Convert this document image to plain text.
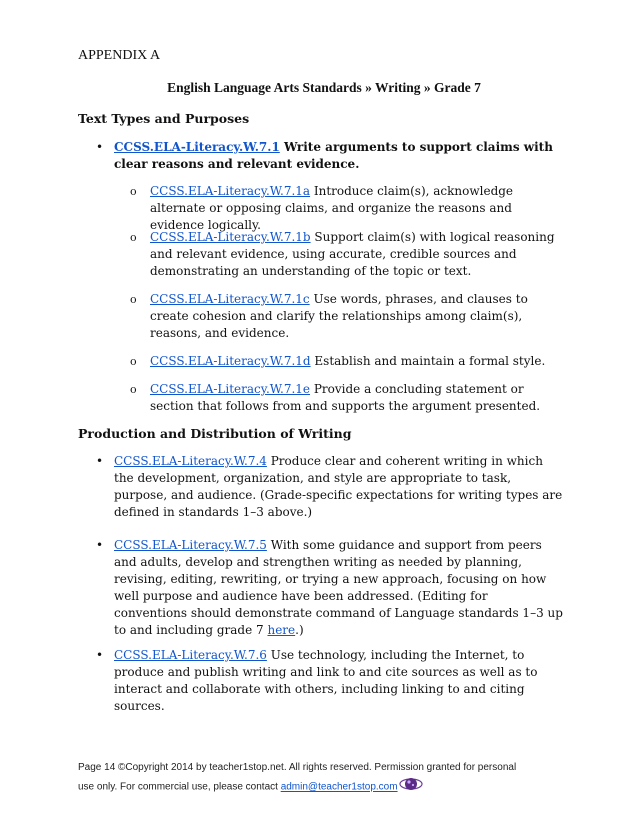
APPENDIX A
English Language Arts Standards » Writing » Grade 7
Text Types and Purposes
• CCSS.ELA-Literacy.W.7.1 Write arguments to support claims with clear reasons and relevant evidence.
o	CCSS.ELA-Literacy.W.7.1a Introduce claim(s), acknowledge alternate or opposing claims, and organize the reasons and evidence logically.
o	CCSS.ELA-Literacy.W.7.1b Support claim(s) with logical reasoning and relevant evidence, using accurate, credible sources and demonstrating an understanding of the topic or text.
o	CCSS.ELA-Literacy.W.7.1c Use words, phrases, and clauses to create cohesion and clarify the relationships among claim(s), reasons, and evidence.
o	CCSS.ELA-Literacy.W.7.1d Establish and maintain a formal style.
o	CCSS.ELA-Literacy.W.7.1e Provide a concluding statement or section that follows from and supports the argument presented.
Production and Distribution of Writing
• CCSS.ELA-Literacy.W.7.4 Produce clear and coherent writing in which the development, organization, and style are appropriate to task, purpose, and audience. (Grade-specific expectations for writing types are defined in standards 1–3 above.)
• CCSS.ELA-Literacy.W.7.5 With some guidance and support from peers and adults, develop and strengthen writing as needed by planning, revising, editing, rewriting, or trying a new approach, focusing on how well purpose and audience have been addressed. (Editing for conventions should demonstrate command of Language standards 1–3 up to and including grade 7 here.)
• CCSS.ELA-Literacy.W.7.6 Use technology, including the Internet, to produce and publish writing and link to and cite sources as well as to interact and collaborate with others, including linking to and citing sources.
Page 14 ©Copyright 2014 by teacher1stop.net. All rights reserved. Permission granted for personal
use only. For commercial use, please contact admin@teacher1stop.com
